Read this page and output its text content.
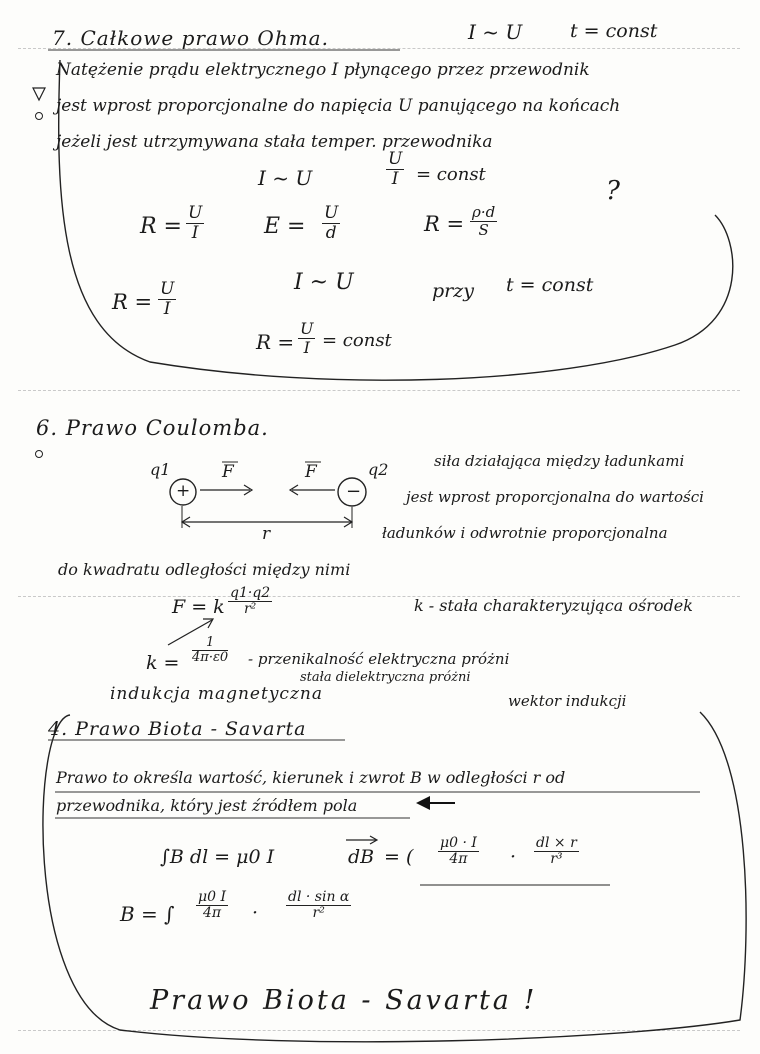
7. Całkowe prawo Ohma.	I ~ U	t = const
Natężenie prądu elektrycznego I płynącego przez przewodnik
jest wprost proporcjonalne do napięcia U panującego na końcach
jeżeli jest utrzymywana stała temper. przewodnika
I ~ U	$\frac{U}{I}$ = const
?
$R = \frac{U}{I}$	$E = \frac{U}{d}$	$R = \frac{\rho\cdot d}{S}$
$R = \frac{U}{I}$	I ~ U	przy t = const
$R = \frac{U}{I}$ = const
6. Prawo Coulomba.
q1	F	F	q2
+	−
r
siła działająca między ładunkami
jest wprost proporcjonalna do wartości
ładunków i odwrotnie proporcjonalna
do kwadratu odległości między nimi
F = k $\frac{q1\cdot q2}{\text{r²}}$	k - stała charakteryzująca ośrodek
$k = \frac{1}{4\pi\cdot\varepsilon 0}$ - przenikalność elektryczna próżni
stała dielektryczna próżni
indukcja magnetyczna	wektor indukcji
4. Prawo Biota - Savarta
Prawo to określa wartość, kierunek i zwrot B w odległości r od
przewodnika, który jest źródłem pola
∫B dl = μ0 I	dB = ( $\frac{\mu 0 \cdot I}{4\pi} \cdot \frac{dl \times r}{\text{r³}}$
B = ∫ $\frac{\mu 0 I}{4\pi} \cdot \frac{\text{dl · sin α}}{\text{r²}}$
Prawo Biota - Savarta !
